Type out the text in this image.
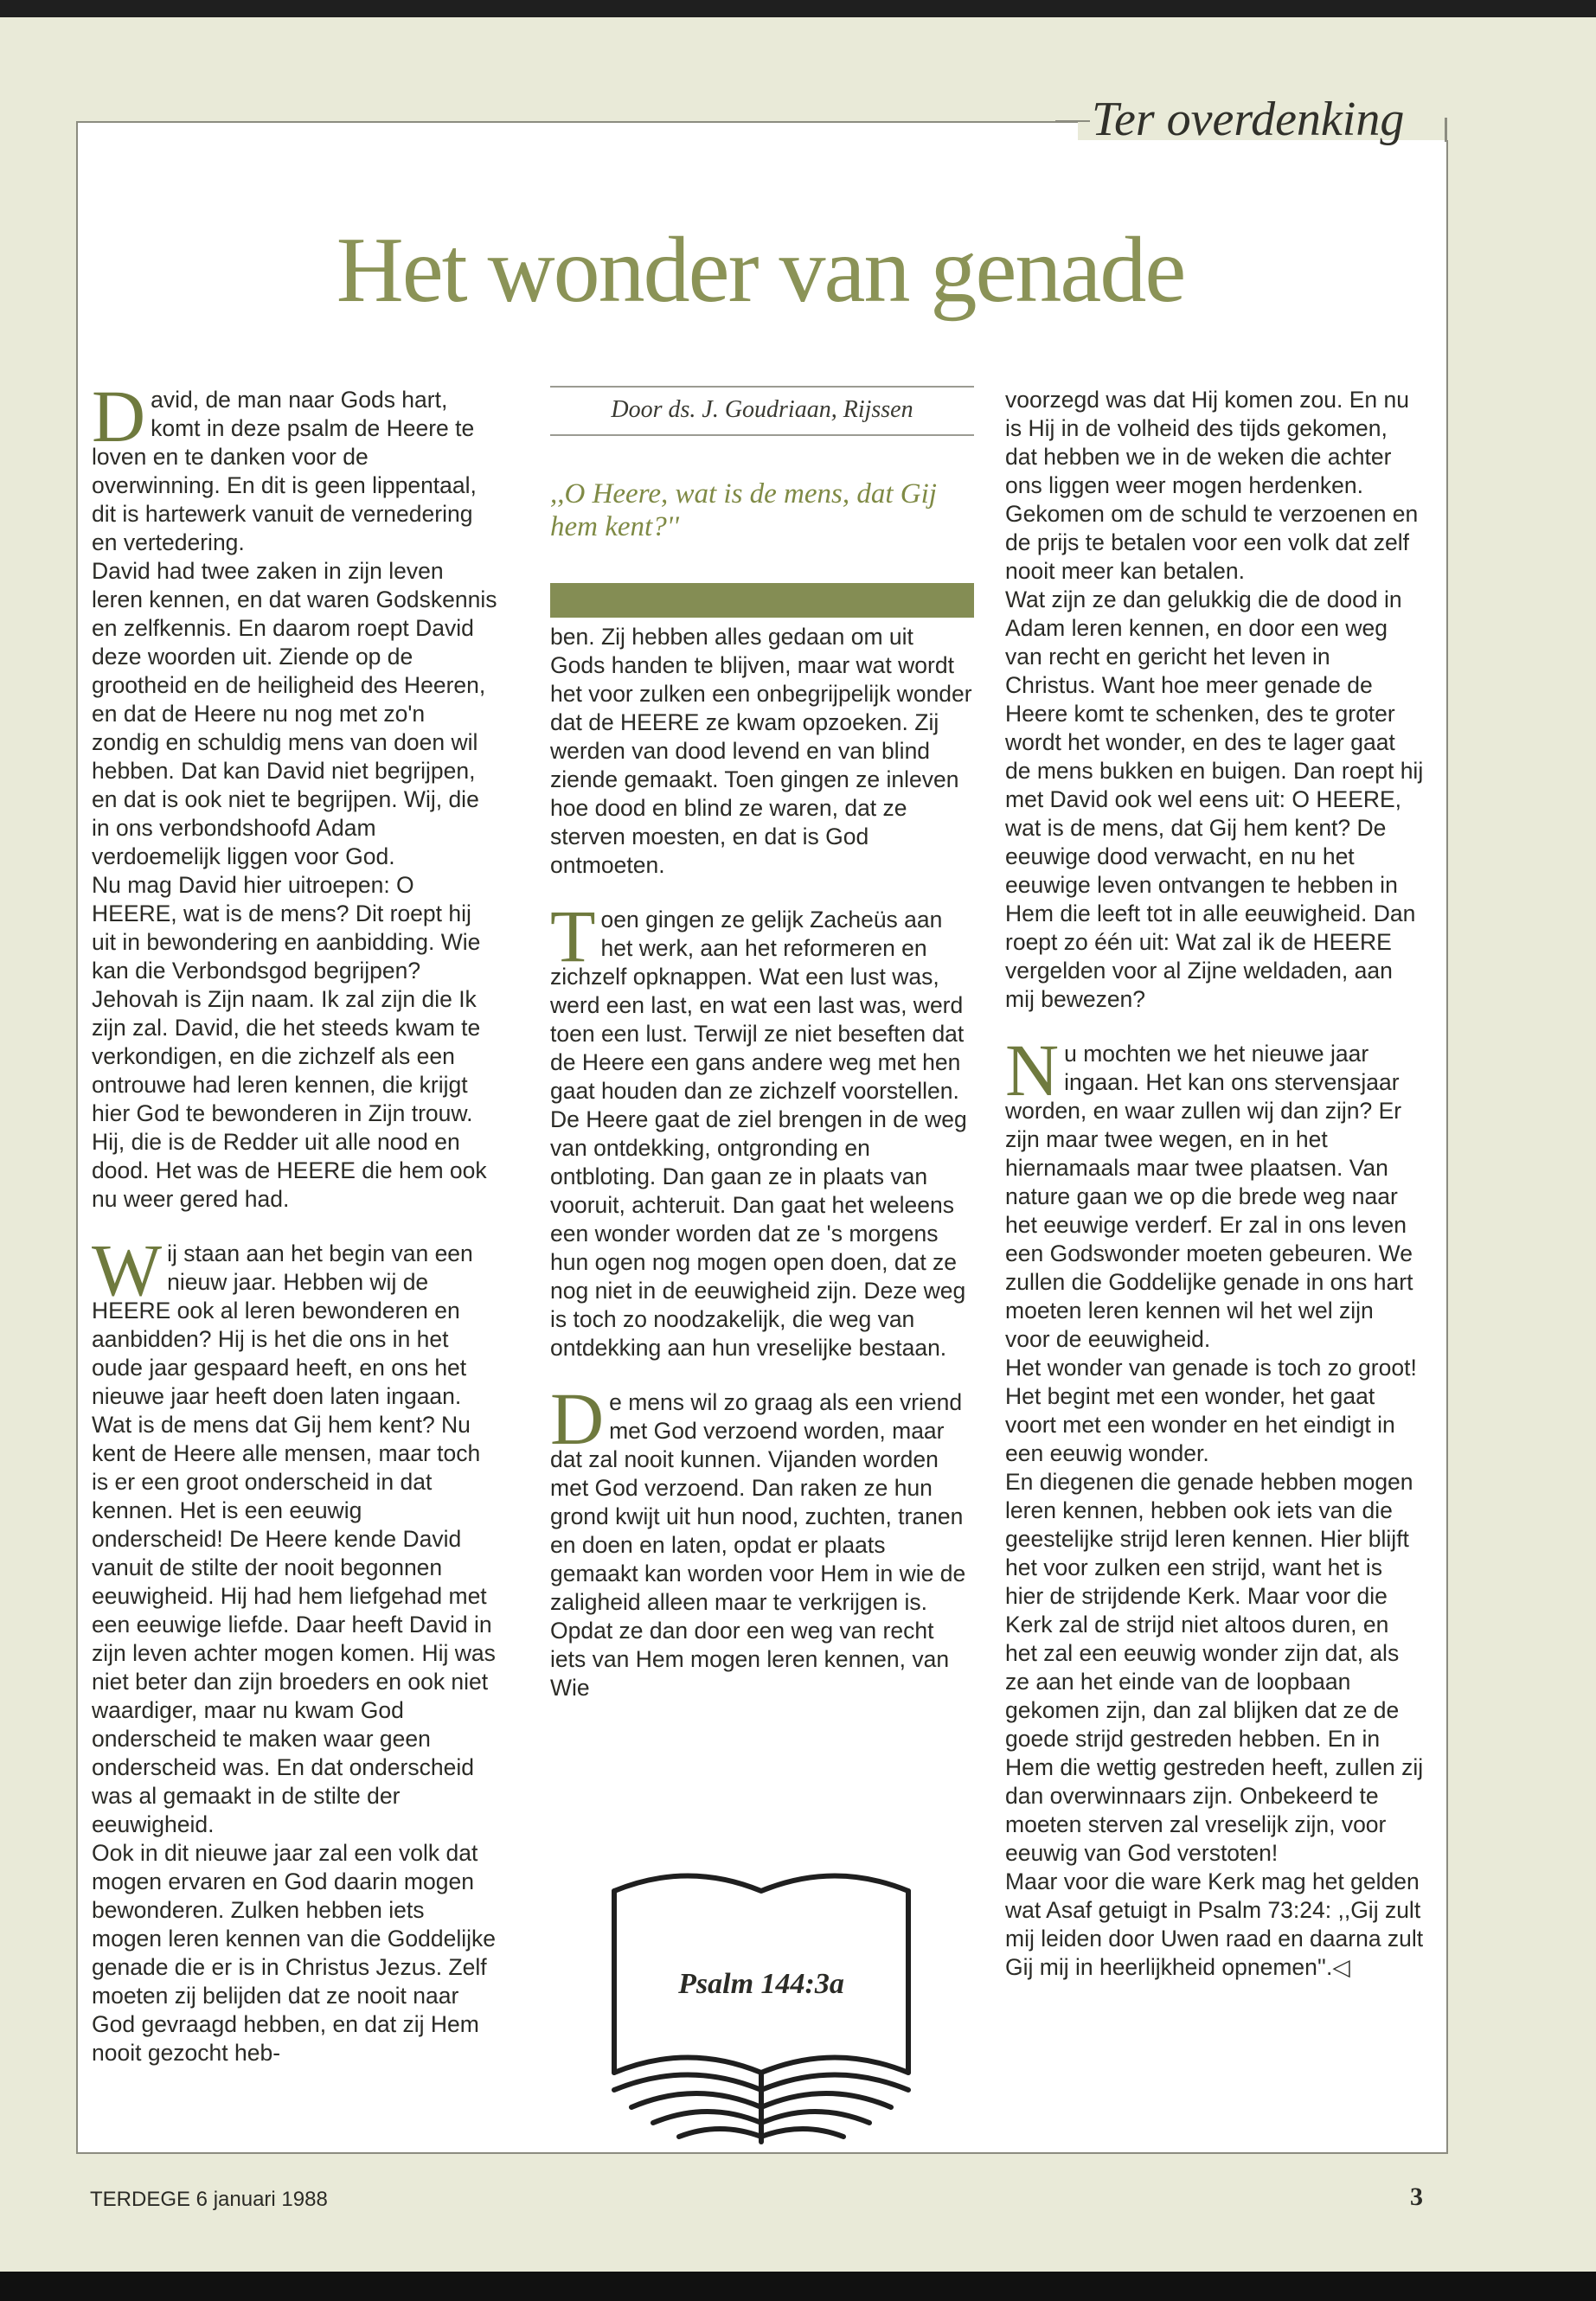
Ter overdenking
Het wonder van genade

David, de man naar Gods hart, komt in deze psalm de Heere te loven en te danken voor de overwinning. En dit is geen lippentaal, dit is hartewerk vanuit de vernedering en vertedering.
David had twee zaken in zijn leven leren kennen, en dat waren Godskennis en zelfkennis. En daarom roept David deze woorden uit. Ziende op de grootheid en de heiligheid des Heeren, en dat de Heere nu nog met zo'n zondig en schuldig mens van doen wil hebben. Dat kan David niet begrijpen, en dat is ook niet te begrijpen. Wij, die in ons verbondshoofd Adam verdoemelijk liggen voor God.
Nu mag David hier uitroepen: O HEERE, wat is de mens? Dit roept hij uit in bewondering en aanbidding. Wie kan die Verbondsgod begrijpen? Jehovah is Zijn naam. Ik zal zijn die Ik zijn zal. David, die het steeds kwam te verkondigen, en die zichzelf als een ontrouwe had leren kennen, die krijgt hier God te bewonderen in Zijn trouw. Hij, die is de Redder uit alle nood en dood. Het was de HEERE die hem ook nu weer gered had.

Wij staan aan het begin van een nieuw jaar. Hebben wij de HEERE ook al leren bewonderen en aanbidden? Hij is het die ons in het oude jaar gespaard heeft, en ons het nieuwe jaar heeft doen laten ingaan.
Wat is de mens dat Gij hem kent? Nu kent de Heere alle mensen, maar toch is er een groot onderscheid in dat kennen. Het is een eeuwig onderscheid! De Heere kende David vanuit de stilte der nooit begonnen eeuwigheid. Hij had hem liefgehad met een eeuwige liefde. Daar heeft David in zijn leven achter mogen komen. Hij was niet beter dan zijn broeders en ook niet waardiger, maar nu kwam God onderscheid te maken waar geen onderscheid was. En dat onderscheid was al gemaakt in de stilte der eeuwigheid.
Ook in dit nieuwe jaar zal een volk dat mogen ervaren en God daarin mogen bewonderen. Zulken hebben iets mogen leren kennen van die Goddelijke genade die er is in Christus Jezus. Zelf moeten zij belijden dat ze nooit naar God gevraagd hebben, en dat zij Hem nooit gezocht heb-

Door ds. J. Goudriaan, Rijssen
,,O Heere, wat is de mens, dat Gij hem kent?''

ben. Zij hebben alles gedaan om uit Gods handen te blijven, maar wat wordt het voor zulken een onbegrijpelijk wonder dat de HEERE ze kwam opzoeken. Zij werden van dood levend en van blind ziende gemaakt. Toen gingen ze inleven hoe dood en blind ze waren, dat ze sterven moesten, en dat is God ontmoeten.

Toen gingen ze gelijk Zacheüs aan het werk, aan het reformeren en zichzelf opknappen. Wat een lust was, werd een last, en wat een last was, werd toen een lust. Terwijl ze niet beseften dat de Heere een gans andere weg met hen gaat houden dan ze zichzelf voorstellen. De Heere gaat de ziel brengen in de weg van ontdekking, ontgronding en ontbloting. Dan gaan ze in plaats van vooruit, achteruit. Dan gaat het weleens een wonder worden dat ze 's morgens hun ogen nog mogen open doen, dat ze nog niet in de eeuwigheid zijn. Deze weg is toch zo noodzakelijk, die weg van ontdekking aan hun vreselijke bestaan.

De mens wil zo graag als een vriend met God verzoend worden, maar dat zal nooit kunnen. Vijanden worden met God verzoend. Dan raken ze hun grond kwijt uit hun nood, zuchten, tranen en doen en laten, opdat er plaats gemaakt kan worden voor Hem in wie de zaligheid alleen maar te verkrijgen is. Opdat ze dan door een weg van recht iets van Hem mogen leren kennen, van Wie

Psalm 144:3a

voorzegd was dat Hij komen zou. En nu is Hij in de volheid des tijds gekomen, dat hebben we in de weken die achter ons liggen weer mogen herdenken. Gekomen om de schuld te verzoenen en de prijs te betalen voor een volk dat zelf nooit meer kan betalen.
Wat zijn ze dan gelukkig die de dood in Adam leren kennen, en door een weg van recht en gericht het leven in Christus. Want hoe meer genade de Heere komt te schenken, des te groter wordt het wonder, en des te lager gaat de mens bukken en buigen. Dan roept hij met David ook wel eens uit: O HEERE, wat is de mens, dat Gij hem kent? De eeuwige dood verwacht, en nu het eeuwige leven ontvangen te hebben in Hem die leeft tot in alle eeuwigheid. Dan roept zo één uit: Wat zal ik de HEERE vergelden voor al Zijne weldaden, aan mij bewezen?

Nu mochten we het nieuwe jaar ingaan. Het kan ons stervensjaar worden, en waar zullen wij dan zijn? Er zijn maar twee wegen, en in het hiernamaals maar twee plaatsen. Van nature gaan we op die brede weg naar het eeuwige verderf. Er zal in ons leven een Godswonder moeten gebeuren. We zullen die Goddelijke genade in ons hart moeten leren kennen wil het wel zijn voor de eeuwigheid.
Het wonder van genade is toch zo groot! Het begint met een wonder, het gaat voort met een wonder en het eindigt in een eeuwig wonder.
En diegenen die genade hebben mogen leren kennen, hebben ook iets van die geestelijke strijd leren kennen. Hier blijft het voor zulken een strijd, want het is hier de strijdende Kerk. Maar voor die Kerk zal de strijd niet altoos duren, en het zal een eeuwig wonder zijn dat, als ze aan het einde van de loopbaan gekomen zijn, dan zal blijken dat ze de goede strijd gestreden hebben. En in Hem die wettig gestreden heeft, zullen zij dan overwinnaars zijn. Onbekeerd te moeten sterven zal vreselijk zijn, voor eeuwig van God verstoten!
Maar voor die ware Kerk mag het gelden wat Asaf getuigt in Psalm 73:24: ,,Gij zult mij leiden door Uwen raad en daarna zult Gij mij in heerlijkheid opnemen''.◁

TERDEGE 6 januari 1988	3
